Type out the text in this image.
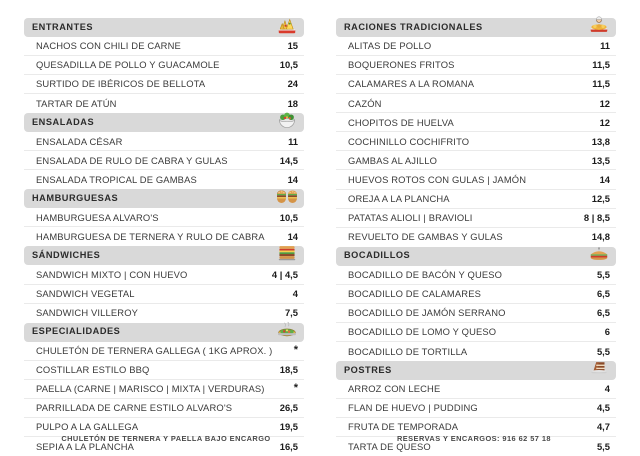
ENTRANTES
NACHOS CON CHILI DE CARNE	15
QUESADILLA DE POLLO Y GUACAMOLE	10,5
SURTIDO DE IBÉRICOS DE BELLOTA	24
TARTAR DE ATÚN	18
ENSALADAS
ENSALADA CÉSAR	11
ENSALADA DE RULO DE CABRA Y GULAS	14,5
ENSALADA TROPICAL DE GAMBAS	14
HAMBURGUESAS
HAMBURGUESA ALVARO'S	10,5
HAMBURGUESA DE TERNERA Y RULO DE CABRA 14
SÁNDWICHES
SANDWICH MIXTO | CON HUEVO	4 | 4,5
SANDWICH VEGETAL	4
SANDWICH VILLEROY	7,5
ESPECIALIDADES
CHULETÓN DE TERNERA GALLEGA ( 1KG APROX. ) *
COSTILLAR ESTILO BBQ	18,5
PAELLA (CARNE | MARISCO | MIXTA | VERDURAS)	*
PARRILLADA DE CARNE ESTILO ALVARO'S	26,5
PULPO A LA GALLEGA	19,5
SEPIA A LA PLANCHA	16,5
RACIONES TRADICIONALES
ALITAS DE POLLO	11
BOQUERONES FRITOS	11,5
CALAMARES A LA ROMANA	11,5
CAZÓN	12
CHOPITOS DE HUELVA	12
COCHINILLO COCHIFRITO	13,8
GAMBAS AL AJILLO	13,5
HUEVOS ROTOS CON GULAS | JAMÓN	14
OREJA A LA PLANCHA	12,5
PATATAS ALIOLI | BRAVIOLI	8 | 8,5
REVUELTO DE GAMBAS Y GULAS	14,8
BOCADILLOS
BOCADILLO DE BACÓN Y QUESO	5,5
BOCADILLO DE CALAMARES	6,5
BOCADILLO DE JAMÓN SERRANO	6,5
BOCADILLO DE LOMO Y QUESO	6
BOCADILLO DE TORTILLA	5,5
POSTRES
ARROZ CON LECHE	4
FLAN DE HUEVO | PUDDING	4,5
FRUTA DE TEMPORADA	4,7
TARTA DE QUESO	5,5
CHULETÓN DE TERNERA Y PAELLA BAJO ENCARGO	RESERVAS Y ENCARGOS: 916 62 57 18
